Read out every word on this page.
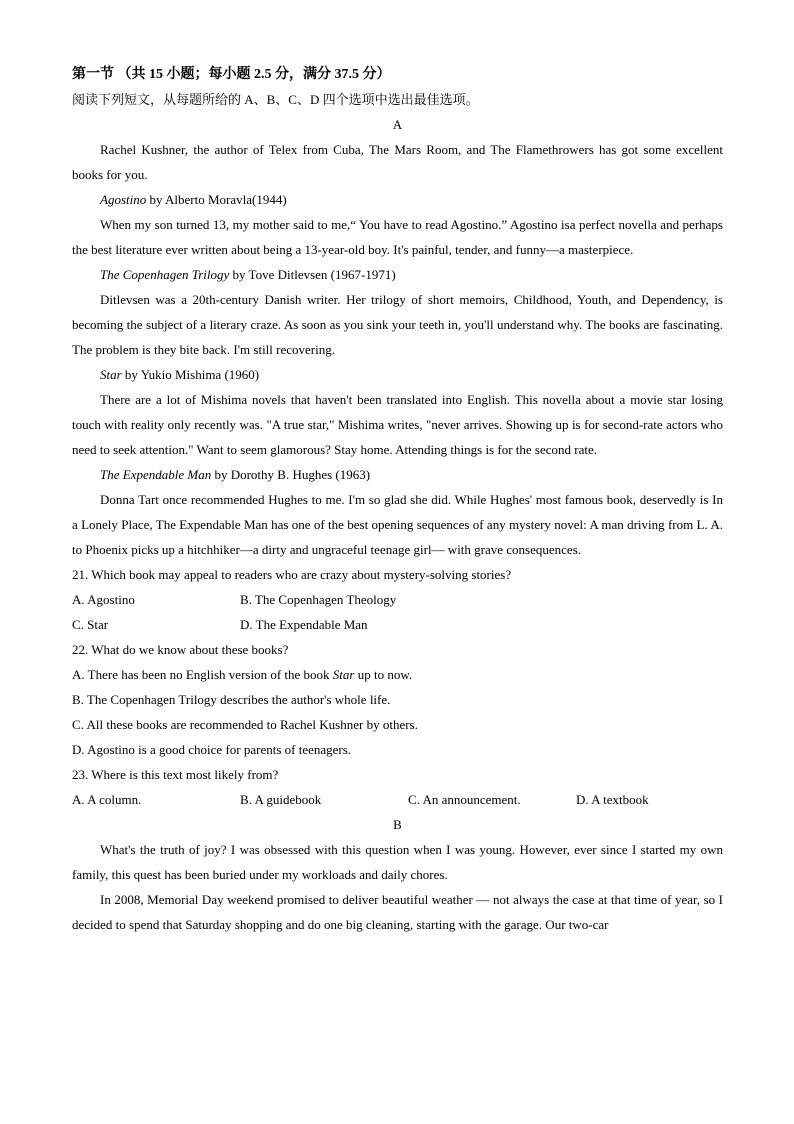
第一节 （共 15 小题；每小题 2.5 分，满分 37.5 分）
阅读下列短文，从每题所给的 A、B、C、D 四个选项中选出最佳选项。
A
Rachel Kushner, the author of Telex from Cuba, The Mars Room, and The Flamethrowers has got some excellent books for you.
Agostino by Alberto Moravla(1944)
When my son turned 13, my mother said to me,“ You have to read Agostino.” Agostino isa perfect novella and perhaps the best literature ever written about being a 13-year-old boy. It's painful, tender, and funny—a masterpiece.
The Copenhagen Trilogy by Tove Ditlevsen (1967-1971)
Ditlevsen was a 20th-century Danish writer. Her trilogy of short memoirs, Childhood, Youth, and Dependency, is becoming the subject of a literary craze. As soon as you sink your teeth in, you'll understand why. The books are fascinating. The problem is they bite back. I'm still recovering.
Star by Yukio Mishima (1960)
There are a lot of Mishima novels that haven't been translated into English. This novella about a movie star losing touch with reality only recently was. "A true star," Mishima writes, "never arrives. Showing up is for second-rate actors who need to seek attention." Want to seem glamorous? Stay home. Attending things is for the second rate.
The Expendable Man by Dorothy B. Hughes (1963)
Donna Tart once recommended Hughes to me. I'm so glad she did. While Hughes' most famous book, deservedly is In a Lonely Place, The Expendable Man has one of the best opening sequences of any mystery novel: A man driving from L. A. to Phoenix picks up a hitchhiker—a dirty and ungraceful teenage girl— with grave consequences.
21. Which book may appeal to readers who are crazy about mystery-solving stories?
A. Agostino	B. The Copenhagen Theology
C. Star	D. The Expendable Man
22. What do we know about these books?
A. There has been no English version of the book Star up to now.
B. The Copenhagen Trilogy describes the author's whole life.
C. All these books are recommended to Rachel Kushner by others.
D. Agostino is a good choice for parents of teenagers.
23. Where is this text most likely from?
A. A column.	B. A guidebook	C. An announcement.	D. A textbook
B
What's the truth of joy? I was obsessed with this question when I was young. However, ever since I started my own family, this quest has been buried under my workloads and daily chores.
In 2008, Memorial Day weekend promised to deliver beautiful weather — not always the case at that time of year, so I decided to spend that Saturday shopping and do one big cleaning, starting with the garage. Our two-car
